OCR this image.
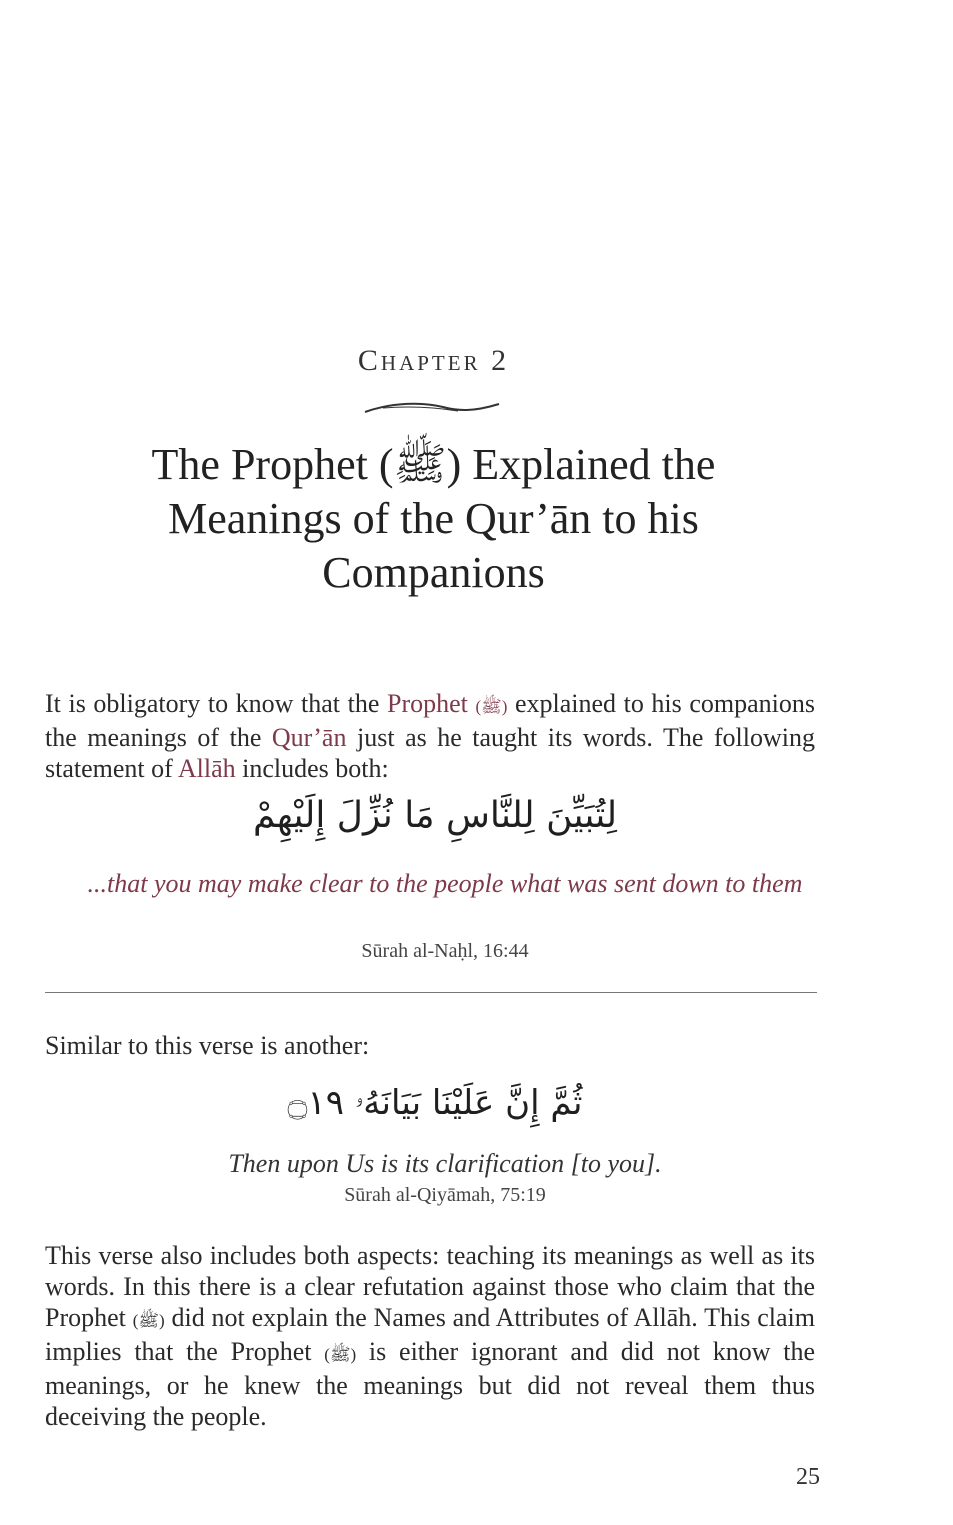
Chapter 2
The Prophet (ﷺ) Explained the Meanings of the Qur’ān to his Companions

It is obligatory to know that the Prophet (ﷺ) explained to his companions the meanings of the Qur’ān just as he taught its words. The following statement of Allāh includes both:

لِتُبَيِّنَ لِلنَّاسِ مَا نُزِّلَ إِلَيْهِمْ
...that you may make clear to the people what was sent down to them
Sūrah al-Naḥl, 16:44

Similar to this verse is another:

ثُمَّ إِنَّ عَلَيْنَا بَيَانَهُۥ ۝١٩
Then upon Us is its clarification [to you].
Sūrah al-Qiyāmah, 75:19

This verse also includes both aspects: teaching its meanings as well as its words. In this there is a clear refutation against those who claim that the Prophet (ﷺ) did not explain the Names and Attributes of Allāh. This claim implies that the Prophet (ﷺ) is either ignorant and did not know the meanings, or he knew the meanings but did not reveal them thus deceiving the people.

25
